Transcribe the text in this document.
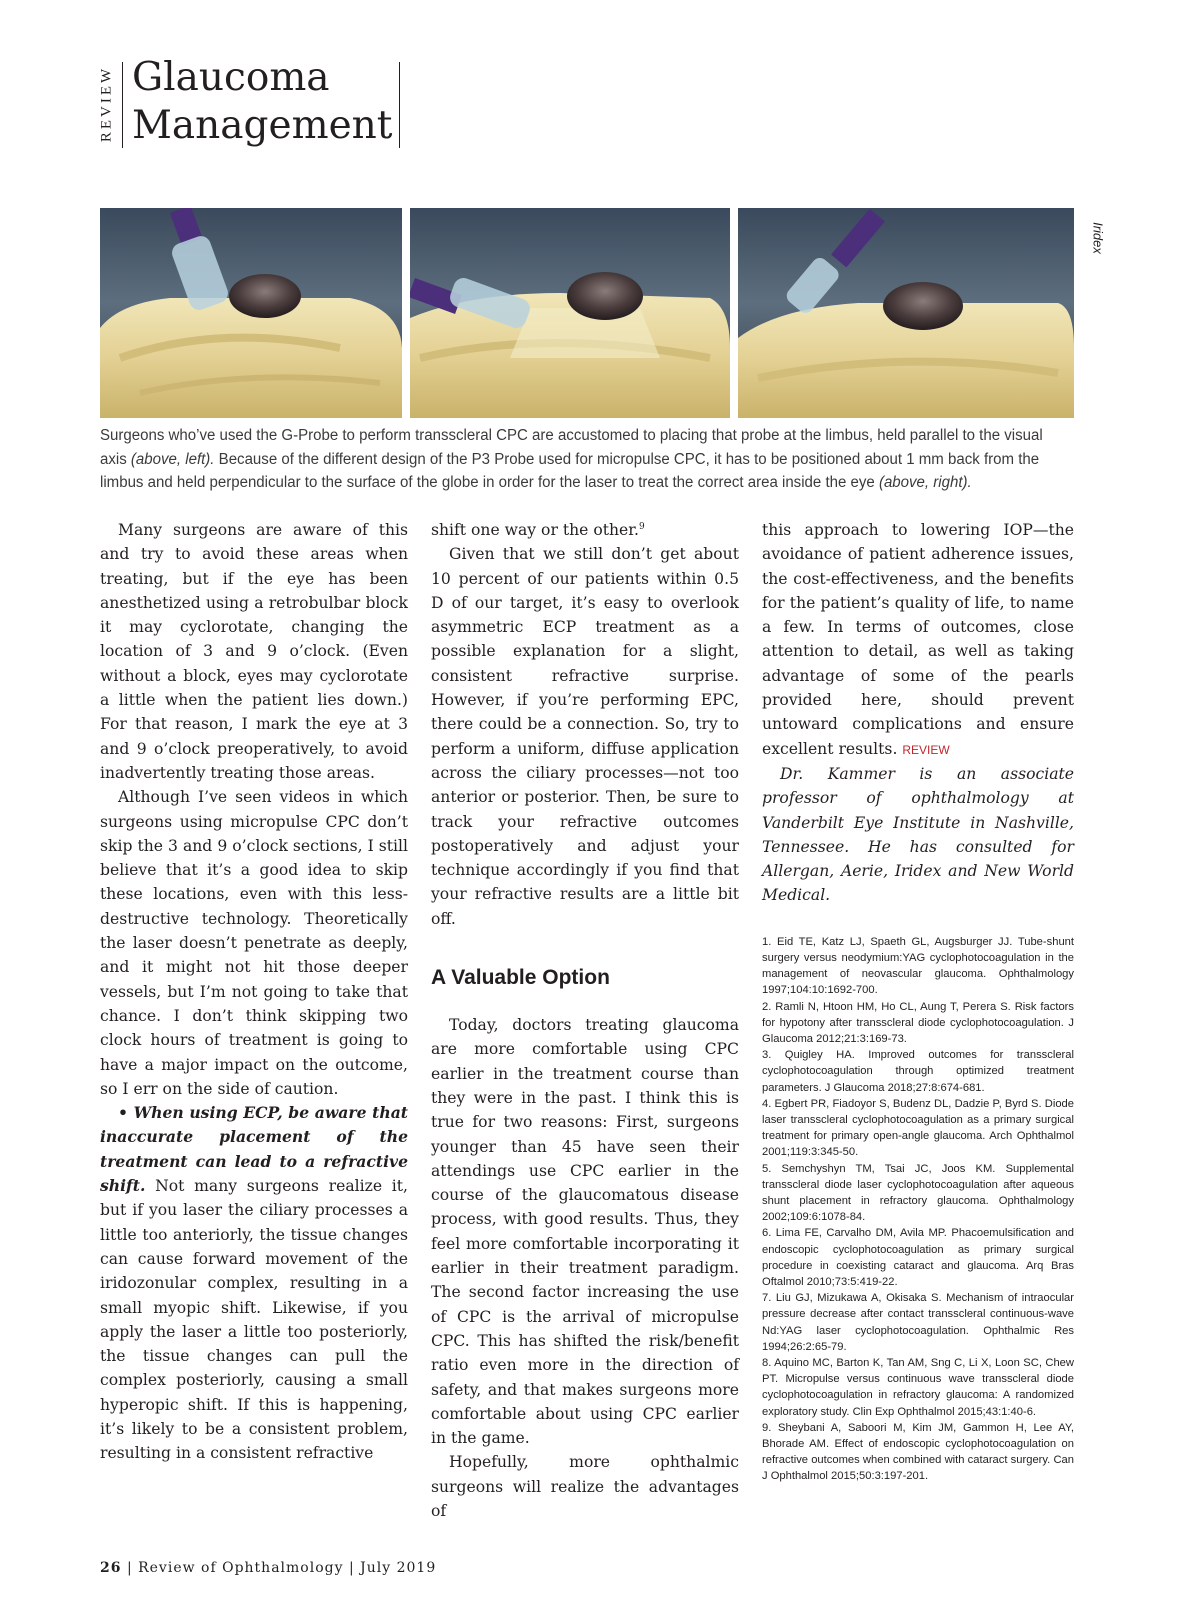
REVIEW Glaucoma
Management
Iridex
Surgeons who’ve used the G-Probe to perform transscleral CPC are accustomed to placing that probe at the limbus, held parallel to the visual axis (above, left). Because of the different design of the P3 Probe used for micropulse CPC, it has to be positioned about 1 mm back from the limbus and held perpendicular to the surface of the globe in order for the laser to treat the correct area inside the eye (above, right).

Many surgeons are aware of this and try to avoid these areas when treating, but if the eye has been anesthetized using a retrobulbar block it may cyclorotate, changing the location of 3 and 9 o’clock. (Even without a block, eyes may cyclorotate a little when the patient lies down.) For that reason, I mark the eye at 3 and 9 o’clock preoperatively, to avoid inadvertently treating those areas.

Although I’ve seen videos in which surgeons using micropulse CPC don’t skip the 3 and 9 o’clock sections, I still believe that it’s a good idea to skip these locations, even with this less-destructive technology. Theoretically the laser doesn’t penetrate as deeply, and it might not hit those deeper vessels, but I’m not going to take that chance. I don’t think skipping two clock hours of treatment is going to have a major impact on the outcome, so I err on the side of caution.

• When using ECP, be aware that inaccurate placement of the treatment can lead to a refractive shift. Not many surgeons realize it, but if you laser the ciliary processes a little too anteriorly, the tissue changes can cause forward movement of the iridozonular complex, resulting in a small myopic shift. Likewise, if you apply the laser a little too posteriorly, the tissue changes can pull the complex posteriorly, causing a small hyperopic shift. If this is happening, it’s likely to be a consistent problem, resulting in a consistent refractive

shift one way or the other.$^9$

Given that we still don’t get about 10 percent of our patients within 0.5 D of our target, it’s easy to overlook asymmetric ECP treatment as a possible explanation for a slight, consistent refractive surprise. However, if you’re performing EPC, there could be a connection. So, try to perform a uniform, diffuse application across the ciliary processes—not too anterior or posterior. Then, be sure to track your refractive outcomes postoperatively and adjust your technique accordingly if you find that your refractive results are a little bit off.

A Valuable Option

Today, doctors treating glaucoma are more comfortable using CPC earlier in the treatment course than they were in the past. I think this is true for two reasons: First, surgeons younger than 45 have seen their attendings use CPC earlier in the course of the glaucomatous disease process, with good results. Thus, they feel more comfortable incorporating it earlier in their treatment paradigm. The second factor increasing the use of CPC is the arrival of micropulse CPC. This has shifted the risk/benefit ratio even more in the direction of safety, and that makes surgeons more comfortable about using CPC earlier in the game.

Hopefully, more ophthalmic surgeons will realize the advantages of

this approach to lowering IOP—the avoidance of patient adherence issues, the cost-effectiveness, and the benefits for the patient’s quality of life, to name a few. In terms of outcomes, close attention to detail, as well as taking advantage of some of the pearls provided here, should prevent untoward complications and ensure excellent results. REVIEW

Dr. Kammer is an associate professor of ophthalmology at Vanderbilt Eye Institute in Nashville, Tennessee. He has consulted for Allergan, Aerie, Iridex and New World Medical.

1. Eid TE, Katz LJ, Spaeth GL, Augsburger JJ. Tube-shunt surgery versus neodymium:YAG cyclophotocoagulation in the management of neovascular glaucoma. Ophthalmology 1997;104:10:1692-700.

2. Ramli N, Htoon HM, Ho CL, Aung T, Perera S. Risk factors for hypotony after transscleral diode cyclophotocoagulation. J Glaucoma 2012;21:3:169-73.

3. Quigley HA. Improved outcomes for transscleral cyclophotocoagulation through optimized treatment parameters. J Glaucoma 2018;27:8:674-681.

4. Egbert PR, Fiadoyor S, Budenz DL, Dadzie P, Byrd S. Diode laser transscleral cyclophotocoagulation as a primary surgical treatment for primary open-angle glaucoma. Arch Ophthalmol 2001;119:3:345-50.

5. Semchyshyn TM, Tsai JC, Joos KM. Supplemental transscleral diode laser cyclophotocoagulation after aqueous shunt placement in refractory glaucoma. Ophthalmology 2002;109:6:1078-84.

6. Lima FE, Carvalho DM, Avila MP. Phacoemulsification and endoscopic cyclophotocoagulation as primary surgical procedure in coexisting cataract and glaucoma. Arq Bras Oftalmol 2010;73:5:419-22.

7. Liu GJ, Mizukawa A, Okisaka S. Mechanism of intraocular pressure decrease after contact transscleral continuous-wave Nd:YAG laser cyclophotocoagulation. Ophthalmic Res 1994;26:2:65-79.

8. Aquino MC, Barton K, Tan AM, Sng C, Li X, Loon SC, Chew PT. Micropulse versus continuous wave transscleral diode cyclophotocoagulation in refractory glaucoma: A randomized exploratory study. Clin Exp Ophthalmol 2015;43:1:40-6.

9. Sheybani A, Saboori M, Kim JM, Gammon H, Lee AY, Bhorade AM. Effect of endoscopic cyclophotocoagulation on refractive outcomes when combined with cataract surgery. Can J Ophthalmol 2015;50:3:197-201.

26 | Review of Ophthalmology | July 2019
